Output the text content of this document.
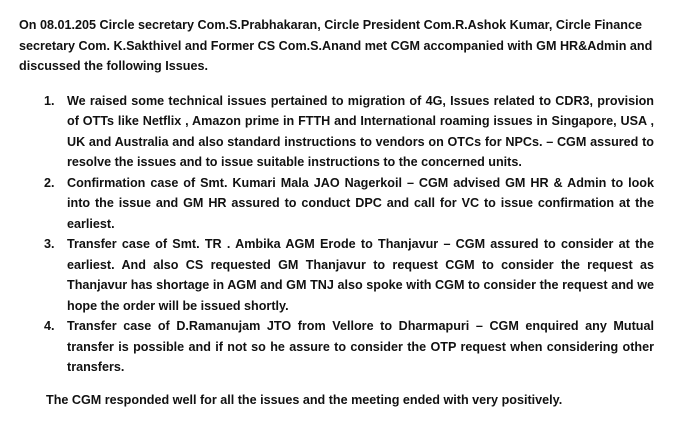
On 08.01.205 Circle secretary Com.S.Prabhakaran, Circle President Com.R.Ashok Kumar, Circle Finance secretary Com. K.Sakthivel and Former CS Com.S.Anand met CGM accompanied with GM HR&Admin and discussed the following Issues.

1. We raised some technical issues pertained to migration of 4G, Issues related to CDR3, provision of OTTs like Netflix , Amazon prime in FTTH and International roaming issues in Singapore, USA , UK and Australia and also standard instructions to vendors on OTCs for NPCs. – CGM assured to resolve the issues and to issue suitable instructions to the concerned units.
2. Confirmation case of Smt. Kumari Mala JAO Nagerkoil – CGM advised GM HR & Admin to look into the issue and GM HR assured to conduct DPC and call for VC to issue confirmation at the earliest.
3. Transfer case of Smt. TR . Ambika AGM Erode to Thanjavur – CGM assured to consider at the earliest. And also CS requested GM Thanjavur to request CGM to consider the request as Thanjavur has shortage in AGM and GM TNJ also spoke with CGM to consider the request and we hope the order will be issued shortly.
4. Transfer case of D.Ramanujam JTO from Vellore to Dharmapuri – CGM enquired any Mutual transfer is possible and if not so he assure to consider the OTP request when considering other transfers.

The CGM responded well for all the issues and the meeting ended with very positively.
